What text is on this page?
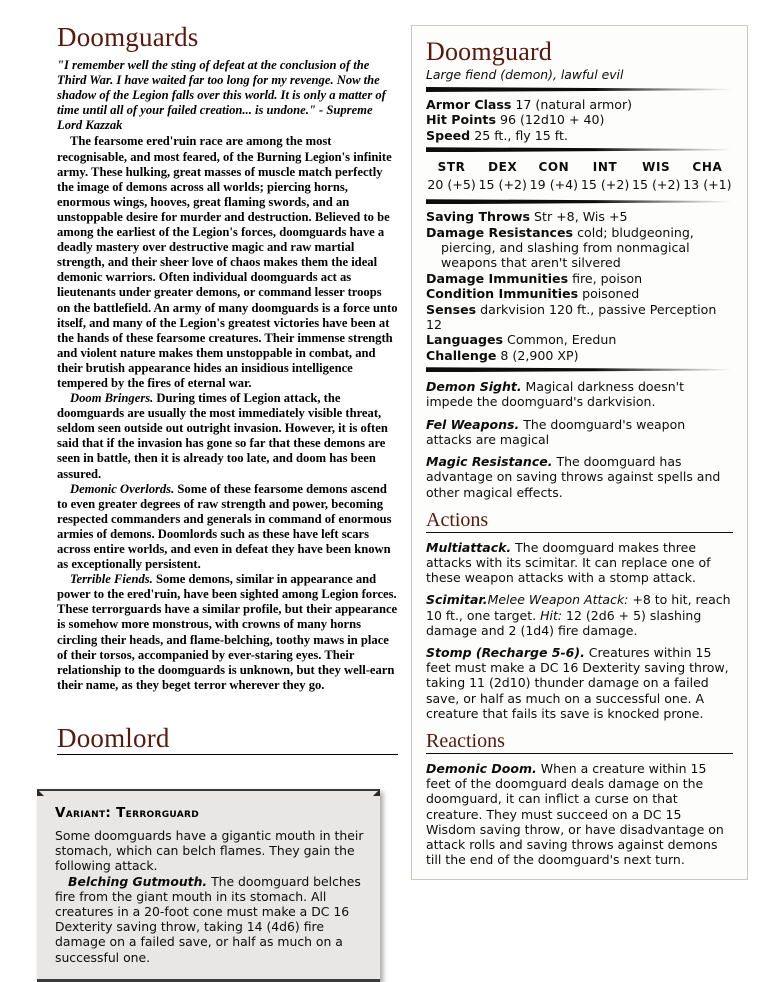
Doomguards

"I remember well the sting of defeat at the conclusion of the Third War. I have waited far too long for my revenge. Now the shadow of the Legion falls over this world. It is only a matter of time until all of your failed creation... is undone." - Supreme Lord Kazzak

The fearsome ered'ruin race are among the most recognisable, and most feared, of the Burning Legion's infinite army. These hulking, great masses of muscle match perfectly the image of demons across all worlds; piercing horns, enormous wings, hooves, great flaming swords, and an unstoppable desire for murder and destruction. Believed to be among the earliest of the Legion's forces, doomguards have a deadly mastery over destructive magic and raw martial strength, and their sheer love of chaos makes them the ideal demonic warriors. Often individual doomguards act as lieutenants under greater demons, or command lesser troops on the battlefield. An army of many doomguards is a force unto itself, and many of the Legion's greatest victories have been at the hands of these fearsome creatures. Their immense strength and violent nature makes them unstoppable in combat, and their brutish appearance hides an insidious intelligence tempered by the fires of eternal war.

Doom Bringers. During times of Legion attack, the doomguards are usually the most immediately visible threat, seldom seen outside out outright invasion. However, it is often said that if the invasion has gone so far that these demons are seen in battle, then it is already too late, and doom has been assured.

Demonic Overlords. Some of these fearsome demons ascend to even greater degrees of raw strength and power, becoming respected commanders and generals in command of enormous armies of demons. Doomlords such as these have left scars across entire worlds, and even in defeat they have been known as exceptionally persistent.

Terrible Fiends. Some demons, similar in appearance and power to the ered'ruin, have been sighted among Legion forces. These terrorguards have a similar profile, but their appearance is somehow more monstrous, with crowns of many horns circling their heads, and flame-belching, toothy maws in place of their torsos, accompanied by ever-staring eyes. Their relationship to the doomguards is unknown, but they well-earn their name, as they beget terror wherever they go.

Doomlord
Variant: Terrorguard

Some doomguards have a gigantic mouth in their stomach, which can belch flames. They gain the following attack.

Belching Gutmouth. The doomguard belches fire from the giant mouth in its stomach. All creatures in a 20-foot cone must make a DC 16 Dexterity saving throw, taking 14 (4d6) fire damage on a failed save, or half as much on a successful one.

Doomguard

Large fiend (demon), lawful evil

Armor Class 17 (natural armor)

Hit Points 96 (12d10 + 40)

Speed 25 ft., fly 15 ft.

STR	DEX	CON	INT	WIS	CHA
20 (+5)	15 (+2)	19 (+4)	15 (+2)	15 (+2)	13 (+1)

Saving Throws Str +8, Wis +5

Damage Resistances cold; bludgeoning, piercing, and slashing from nonmagical weapons that aren't silvered

Damage Immunities fire, poison

Condition Immunities poisoned

Senses darkvision 120 ft., passive Perception 12

Languages Common, Eredun

Challenge 8 (2,900 XP)

Demon Sight. Magical darkness doesn't impede the doomguard's darkvision.

Fel Weapons. The doomguard's weapon attacks are magical

Magic Resistance. The doomguard has advantage on saving throws against spells and other magical effects.

Actions

Multiattack. The doomguard makes three attacks with its scimitar. It can replace one of these weapon attacks with a stomp attack.

Scimitar.Melee Weapon Attack: +8 to hit, reach 10 ft., one target. Hit: 12 (2d6 + 5) slashing damage and 2 (1d4) fire damage.

Stomp (Recharge 5-6). Creatures within 15 feet must make a DC 16 Dexterity saving throw, taking 11 (2d10) thunder damage on a failed save, or half as much on a successful one. A creature that fails its save is knocked prone.

Reactions

Demonic Doom. When a creature within 15 feet of the doomguard deals damage on the doomguard, it can inflict a curse on that creature. They must succeed on a DC 15 Wisdom saving throw, or have disadvantage on attack rolls and saving throws against demons till the end of the doomguard's next turn.
